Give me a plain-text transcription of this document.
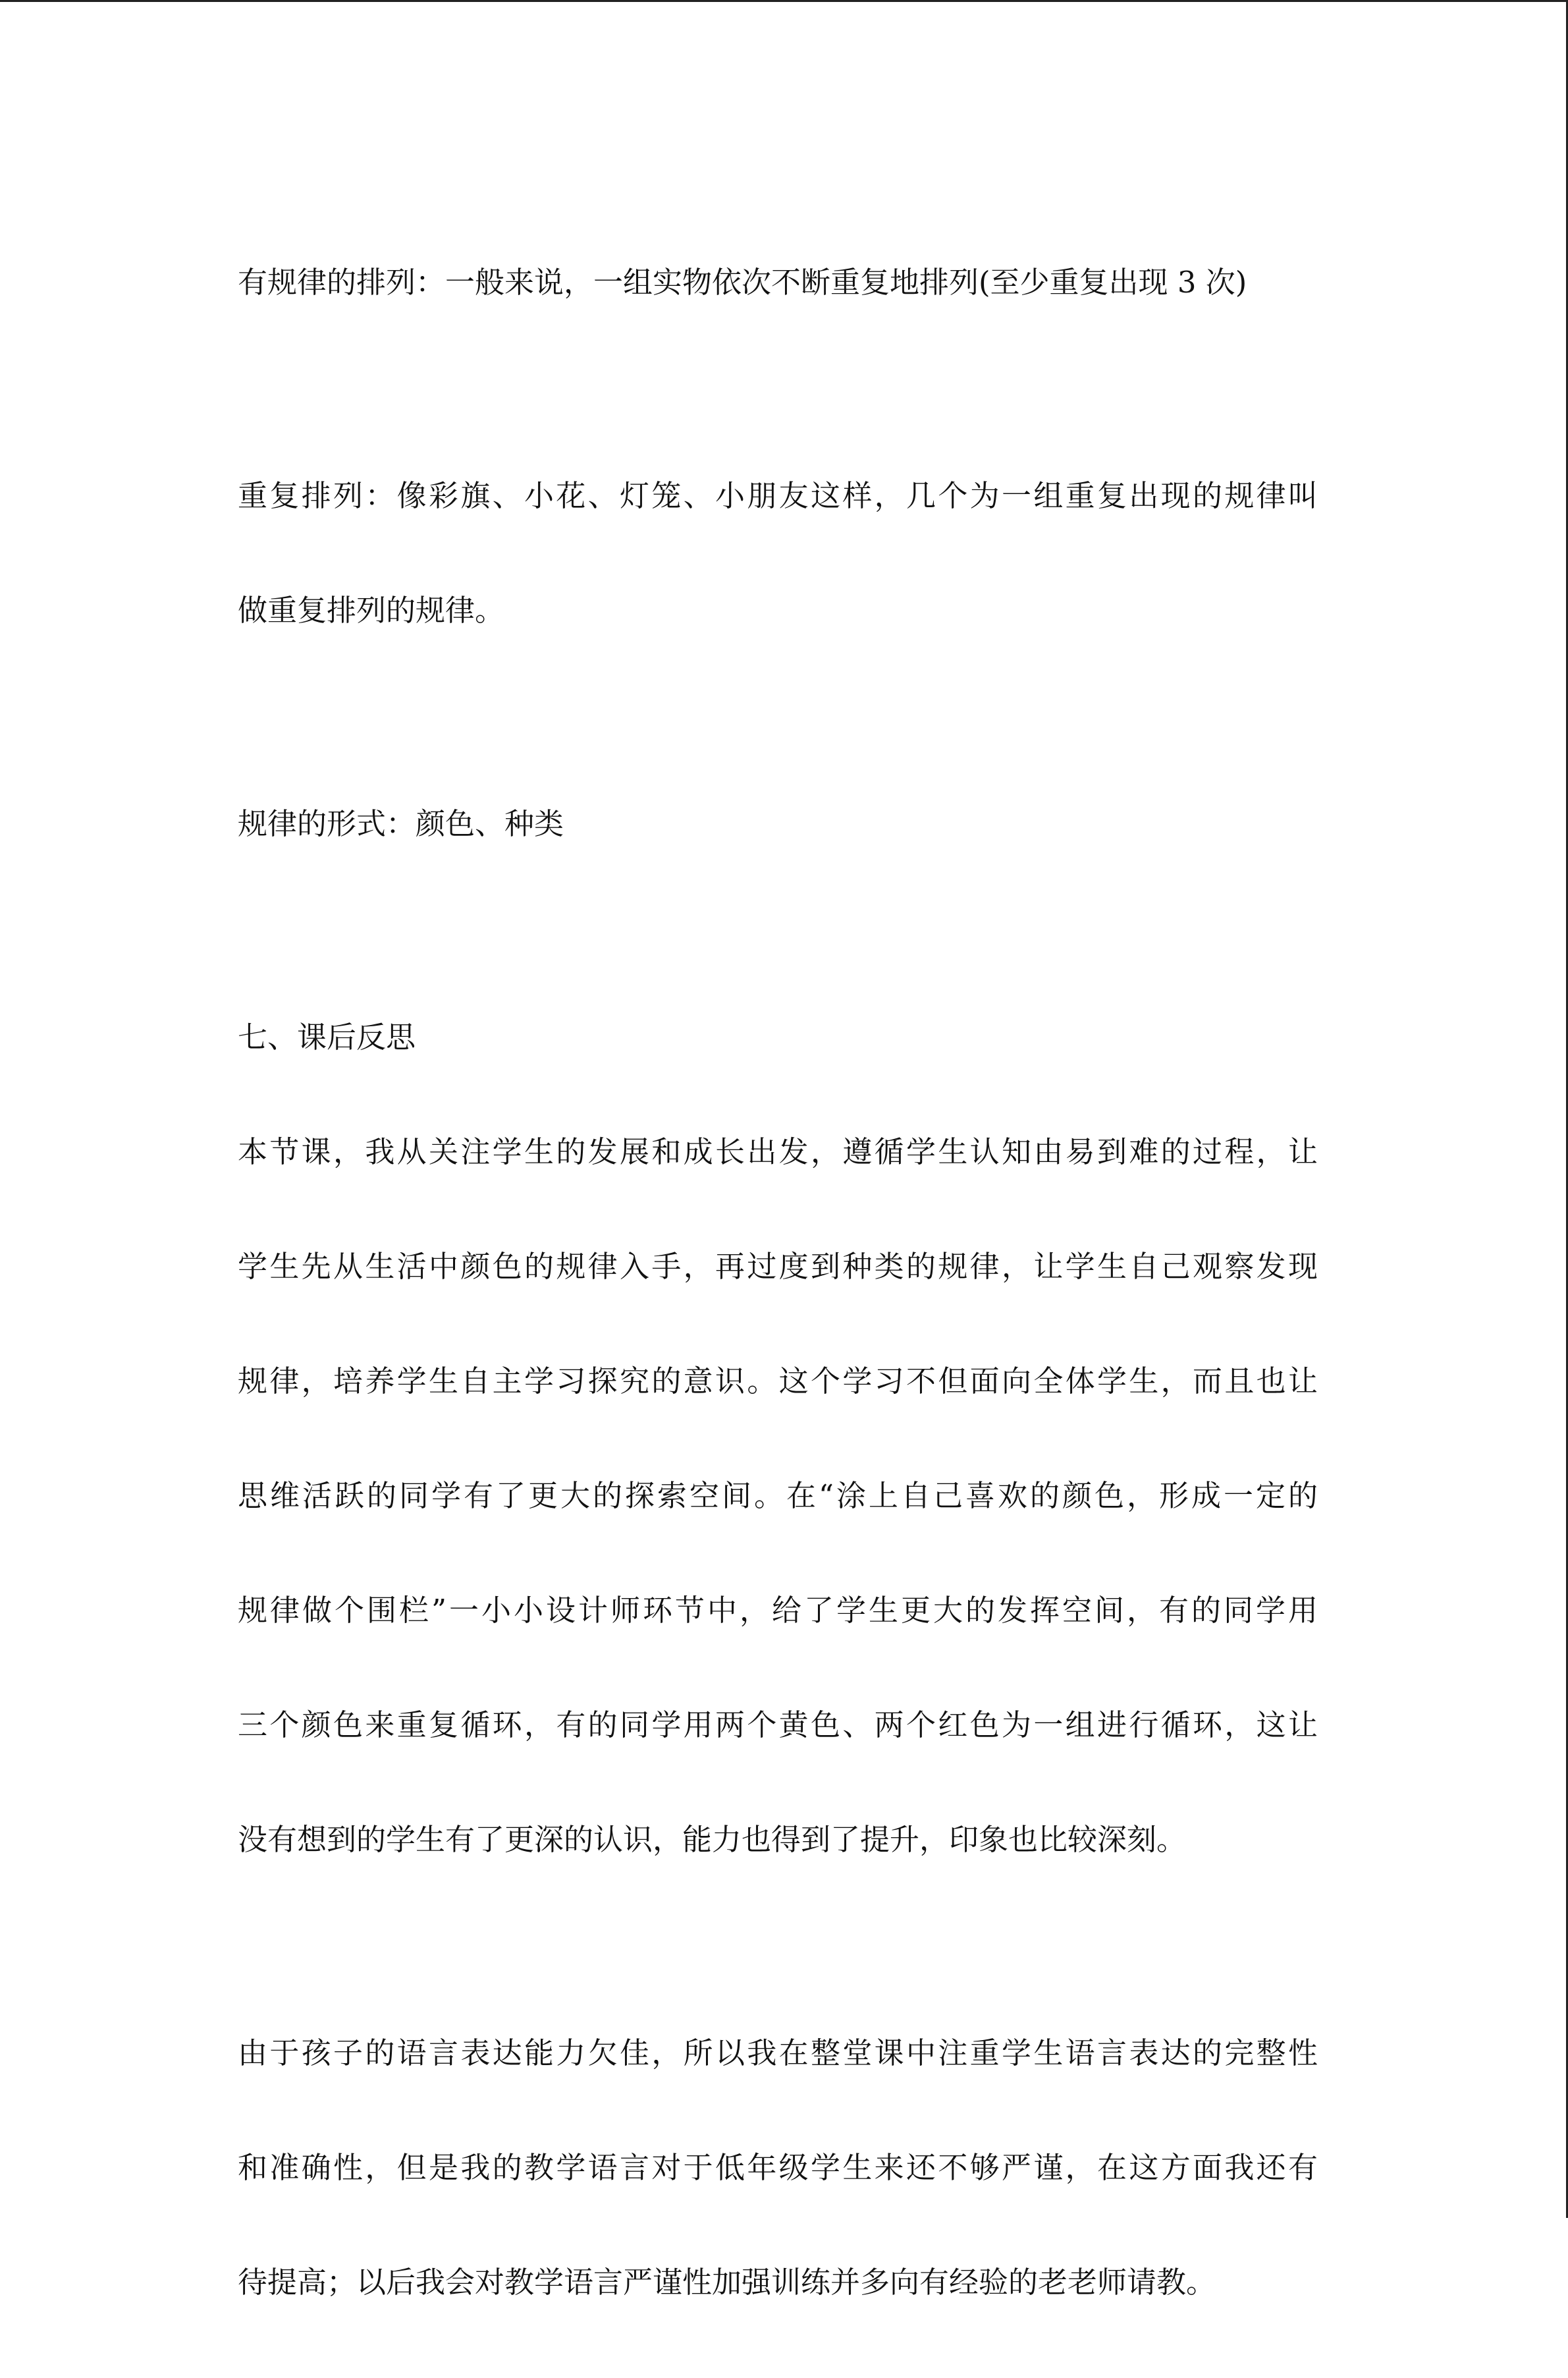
有规律的排列：一般来说，一组实物依次不断重复地排列(至少重复出现 3 次)

重复排列：像彩旗、小花、灯笼、小朋友这样，几个为一组重复出现的规律叫

做重复排列的规律。

规律的形式：颜色、种类

七、课后反思

本节课，我从关注学生的发展和成长出发，遵循学生认知由易到难的过程，让

学生先从生活中颜色的规律入手，再过度到种类的规律，让学生自己观察发现

规律，培养学生自主学习探究的意识。这个学习不但面向全体学生，而且也让

思维活跃的同学有了更大的探索空间。在“涂上自己喜欢的颜色，形成一定的

规律做个围栏”一小小设计师环节中，给了学生更大的发挥空间，有的同学用

三个颜色来重复循环，有的同学用两个黄色、两个红色为一组进行循环，这让

没有想到的学生有了更深的认识，能力也得到了提升，印象也比较深刻。

由于孩子的语言表达能力欠佳，所以我在整堂课中注重学生语言表达的完整性

和准确性，但是我的教学语言对于低年级学生来还不够严谨，在这方面我还有

待提高；以后我会对教学语言严谨性加强训练并多向有经验的老老师请教。
